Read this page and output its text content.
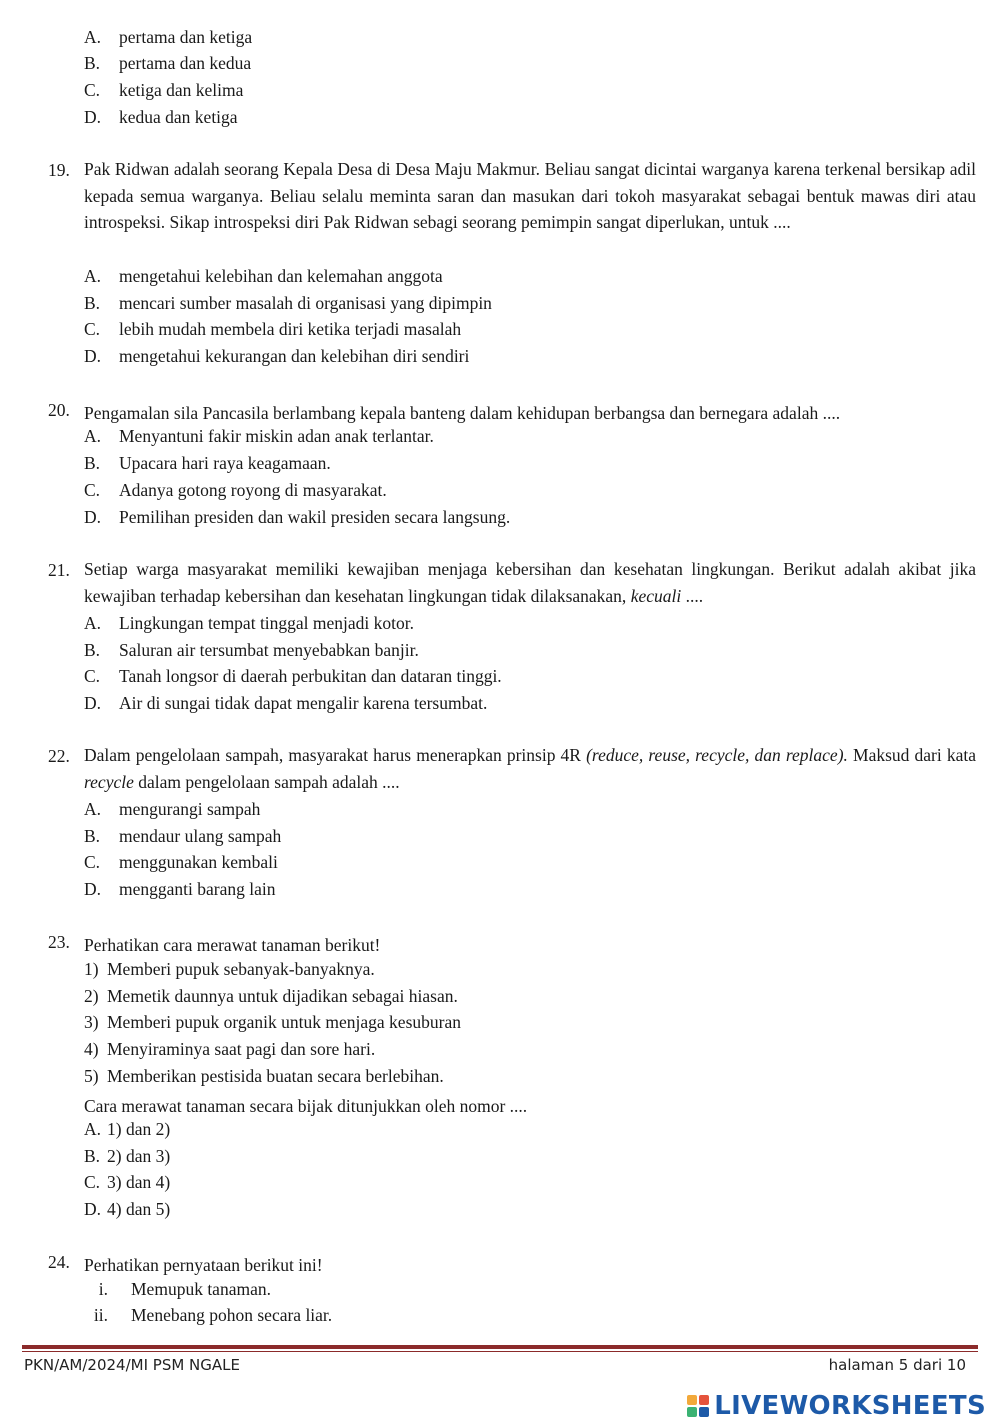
A. pertama dan ketiga
B. pertama dan kedua
C. ketiga dan kelima
D. kedua dan ketiga
19. Pak Ridwan adalah seorang Kepala Desa di Desa Maju Makmur. Beliau sangat dicintai warganya karena terkenal bersikap adil kepada semua warganya. Beliau selalu meminta saran dan masukan dari tokoh masyarakat sebagai bentuk mawas diri atau introspeksi. Sikap introspeksi diri Pak Ridwan sebagi seorang pemimpin sangat diperlukan, untuk ....
A. mengetahui kelebihan dan kelemahan anggota
B. mencari sumber masalah di organisasi yang dipimpin
C. lebih mudah membela diri ketika terjadi masalah
D. mengetahui kekurangan dan kelebihan diri sendiri
20. Pengamalan sila Pancasila berlambang kepala banteng dalam kehidupan berbangsa dan bernegara adalah ....
A. Menyantuni fakir miskin adan anak terlantar.
B. Upacara hari raya keagamaan.
C. Adanya gotong royong di masyarakat.
D. Pemilihan presiden dan wakil presiden secara langsung.
21. Setiap warga masyarakat memiliki kewajiban menjaga kebersihan dan kesehatan lingkungan. Berikut adalah akibat jika kewajiban terhadap kebersihan dan kesehatan lingkungan tidak dilaksanakan, kecuali ....
A. Lingkungan tempat tinggal menjadi kotor.
B. Saluran air tersumbat menyebabkan banjir.
C. Tanah longsor di daerah perbukitan dan dataran tinggi.
D. Air di sungai tidak dapat mengalir karena tersumbat.
22. Dalam pengelolaan sampah, masyarakat harus menerapkan prinsip 4R (reduce, reuse, recycle, dan replace). Maksud dari kata recycle dalam pengelolaan sampah adalah ....
A. mengurangi sampah
B. mendaur ulang sampah
C. menggunakan kembali
D. mengganti barang lain
23. Perhatikan cara merawat tanaman berikut!
1) Memberi pupuk sebanyak-banyaknya.
2) Memetik daunnya untuk dijadikan sebagai hiasan.
3) Memberi pupuk organik untuk menjaga kesuburan
4) Menyiraminya saat pagi dan sore hari.
5) Memberikan pestisida buatan secara berlebihan.
Cara merawat tanaman secara bijak ditunjukkan oleh nomor ....
A. 1) dan 2)
B. 2) dan 3)
C. 3) dan 4)
D. 4) dan 5)
24. Perhatikan pernyataan berikut ini!
i. Memupuk tanaman.
ii. Menebang pohon secara liar.
PKN/AM/2024/MI PSM NGALE	halaman 5 dari 10
LIVEWORKSHEETS
